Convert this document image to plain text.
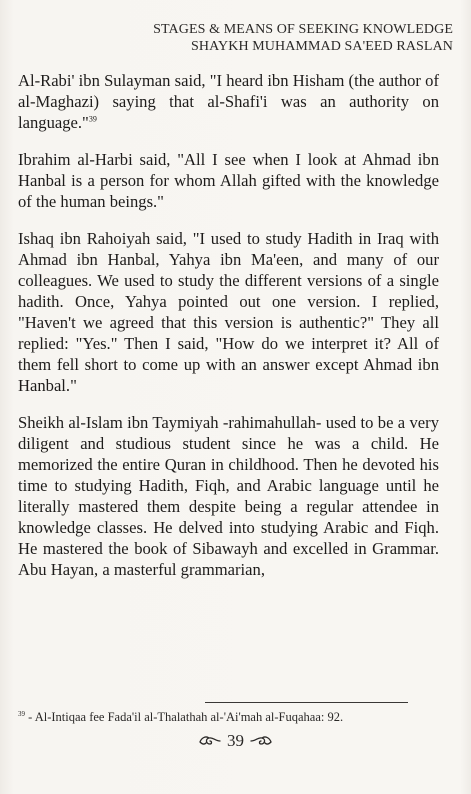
STAGES & MEANS OF SEEKING KNOWLEDGE
SHAYKH MUHAMMAD SA'EED RASLAN

Al-Rabi' ibn Sulayman said, "I heard ibn Hisham (the author of al-Maghazi) saying that al-Shafi'i was an authority on language."$^{39}$

Ibrahim al-Harbi said, "All I see when I look at Ahmad ibn Hanbal is a person for whom Allah gifted with the knowledge of the human beings."

Ishaq ibn Rahoiyah said, "I used to study Hadith in Iraq with Ahmad ibn Hanbal, Yahya ibn Ma'een, and many of our colleagues. We used to study the different versions of a single hadith. Once, Yahya pointed out one version. I replied, "Haven't we agreed that this version is authentic?" They all replied: "Yes." Then I said, "How do we interpret it? All of them fell short to come up with an answer except Ahmad ibn Hanbal."

Sheikh al-Islam ibn Taymiyah -rahimahullah- used to be a very diligent and studious student since he was a child. He memorized the entire Quran in childhood. Then he devoted his time to studying Hadith, Fiqh, and Arabic language until he literally mastered them despite being a regular attendee in knowledge classes. He delved into studying Arabic and Fiqh. He mastered the book of Sibawayh and excelled in Grammar. Abu Hayan, a masterful grammarian,

$^{39}$ - Al-Intiqaa fee Fada'il al-Thalathah al-'Ai'mah al-Fuqahaa: 92.
39
